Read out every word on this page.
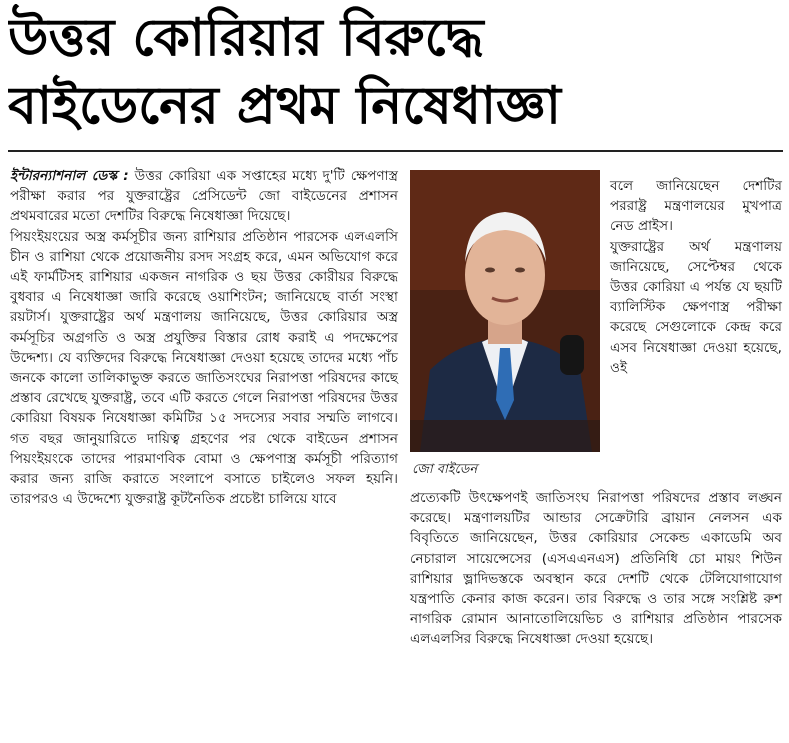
উত্তর কোরিয়ার বিরুদ্ধে
বাইডেনের প্রথম নিষেধাজ্ঞা

ইন্টারন্যাশনাল ডেস্ক : উত্তর কোরিয়া এক সপ্তাহের মধ্যে দু'টি ক্ষেপণাস্ত্র পরীক্ষা করার পর যুক্তরাষ্ট্রের প্রেসিডেন্ট জো বাইডেনের প্রশাসন প্রথমবারের মতো দেশটির বিরুদ্ধে নিষেধাজ্ঞা দিয়েছে।

পিয়ংইয়ংয়ের অস্ত্র কর্মসূচীর জন্য রাশিয়ার প্রতিষ্ঠান পারসেক এলএলসি চীন ও রাশিয়া থেকে প্রয়োজনীয় রসদ সংগ্রহ করে, এমন অভিযোগ করে এই ফার্মটিসহ রাশিয়ার একজন নাগরিক ও ছয় উত্তর কোরীয়র বিরুদ্ধে বুধবার এ নিষেধাজ্ঞা জারি করেছে ওয়াশিংটন; জানিয়েছে বার্তা সংস্থা রয়টার্স। যুক্তরাষ্ট্রের অর্থ মন্ত্রণালয় জানিয়েছে, উত্তর কোরিয়ার অস্ত্র কর্মসূচির অগ্রগতি ও অস্ত্র প্রযুক্তির বিস্তার রোধ করাই এ পদক্ষেপের উদ্দেশ্য। যে ব্যক্তিদের বিরুদ্ধে নিষেধাজ্ঞা দেওয়া হয়েছে তাদের মধ্যে পাঁচ জনকে কালো তালিকাভুক্ত করতে জাতিসংঘের নিরাপত্তা পরিষদের কাছে প্রস্তাব রেখেছে যুক্তরাষ্ট্র, তবে এটি করতে গেলে নিরাপত্তা পরিষদের উত্তর কোরিয়া বিষয়ক নিষেধাজ্ঞা কমিটির ১৫ সদস্যের সবার সম্মতি লাগবে। গত বছর জানুয়ারিতে দায়িত্ব গ্রহণের পর থেকে বাইডেন প্রশাসন পিয়ংইয়ংকে তাদের পারমাণবিক বোমা ও ক্ষেপণাস্ত্র কর্মসূচী পরিত্যাগ করার জন্য রাজি করাতে সংলাপে বসাতে চাইলেও সফল হয়নি। তারপরও এ উদ্দেশ্যে যুক্তরাষ্ট্র কূটনৈতিক প্রচেষ্টা চালিয়ে যাবে

জো বাইডেন

বলে জানিয়েছেন দেশটির পররাষ্ট্র মন্ত্রণালয়ের মুখপাত্র নেড প্রাইস।

যুক্তরাষ্ট্রের অর্থ মন্ত্রণালয় জানিয়েছে, সেপ্টেম্বর থেকে উত্তর কোরিয়া এ পর্যন্ত যে ছয়টি ব্যালিস্টিক ক্ষেপণাস্ত্র পরীক্ষা করেছে সেগুলোকে কেন্দ্র করে এসব নিষেধাজ্ঞা দেওয়া হয়েছে, ওই

প্রত্যেকটি উৎক্ষেপণই জাতিসংঘ নিরাপত্তা পরিষদের প্রস্তাব লঙ্ঘন করেছে। মন্ত্রণালয়টির আন্ডার সেক্রেটারি ব্রায়ান নেলসন এক বিবৃতিতে জানিয়েছেন, উত্তর কোরিয়ার সেকেন্ড একাডেমি অব নেচারাল সায়েন্সেসের (এসএএনএস) প্রতিনিধি চো মায়ং শিউন রাশিয়ার ভ্লাদিভস্তকে অবস্থান করে দেশটি থেকে টেলিযোগাযোগ যন্ত্রপাতি কেনার কাজ করেন। তার বিরুদ্ধে ও তার সঙ্গে সংশ্লিষ্ট রুশ নাগরিক রোমান আনাতোলিয়েভিচ ও রাশিয়ার প্রতিষ্ঠান পারসেক এলএলসির বিরুদ্ধে নিষেধাজ্ঞা দেওয়া হয়েছে।
